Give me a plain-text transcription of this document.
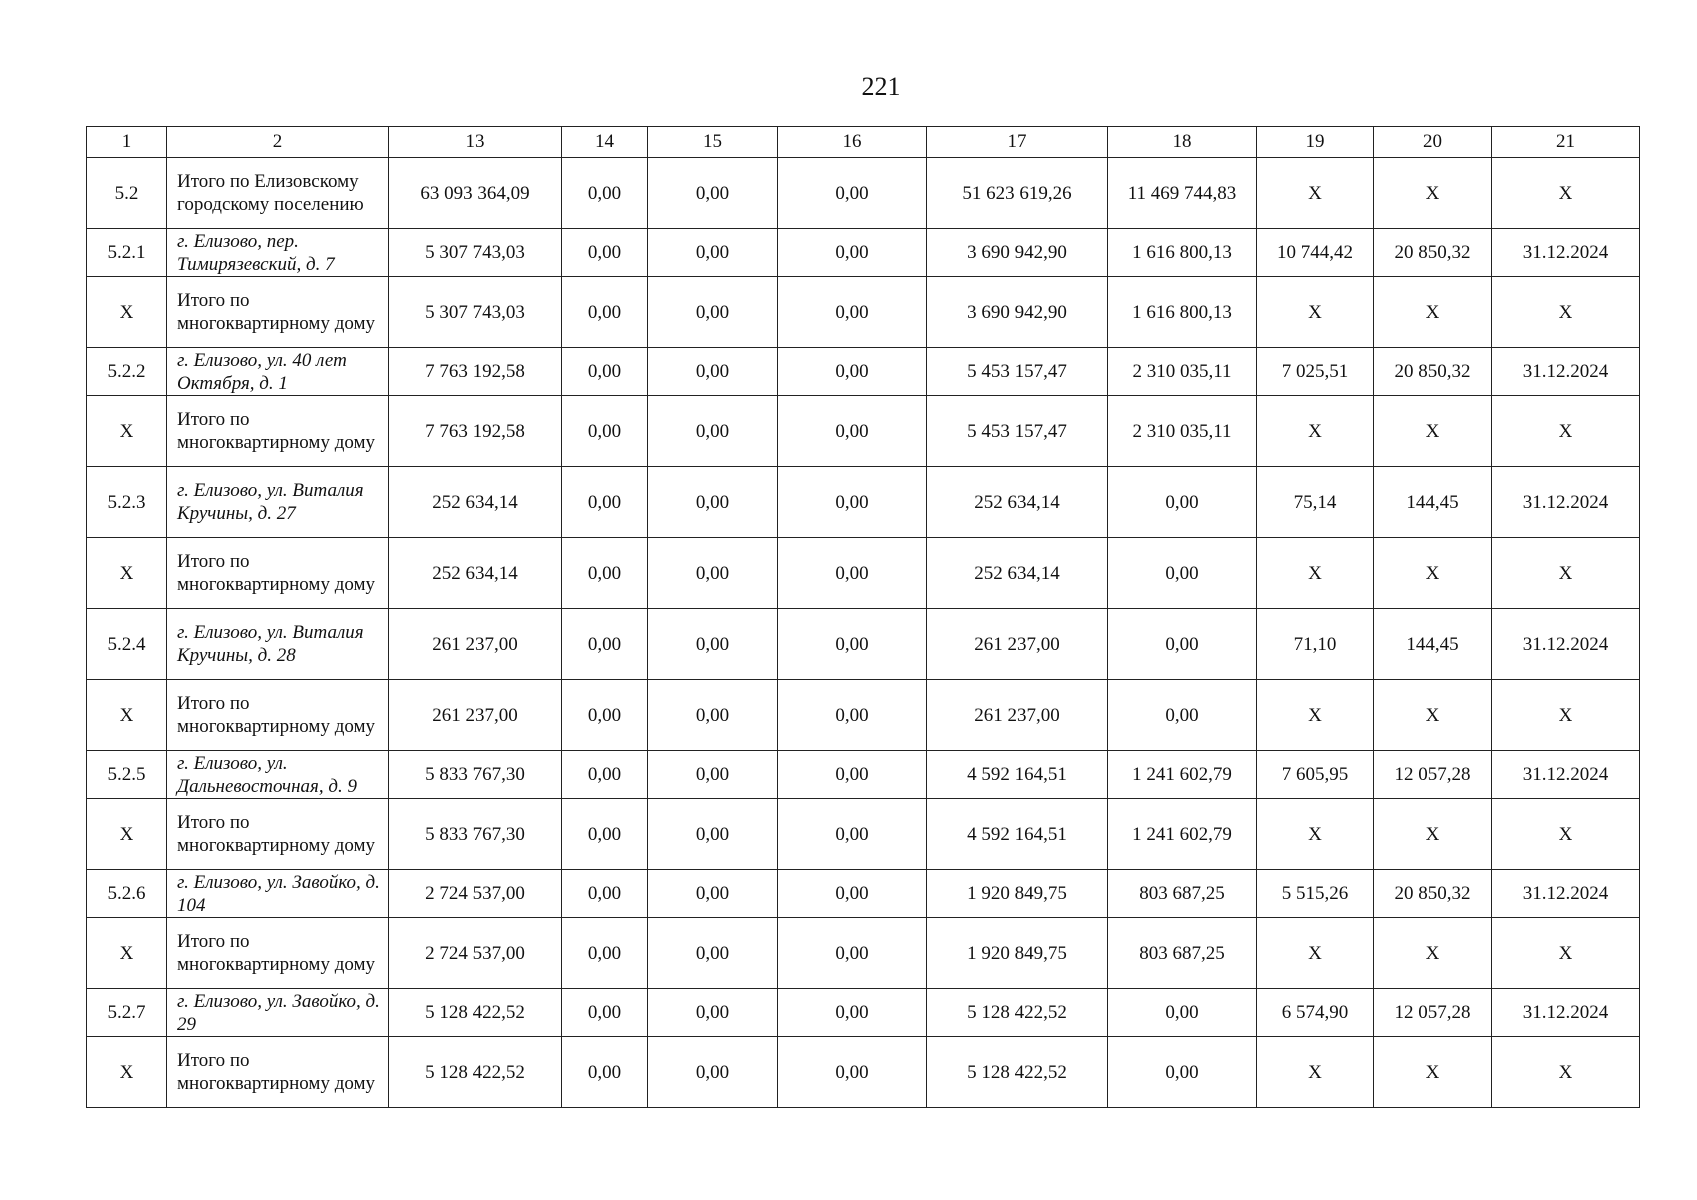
221
1	2	13	14	15	16	17	18	19	20	21
5.2	Итого по Елизовскому городскому поселению	63 093 364,09	0,00	0,00	0,00	51 623 619,26	11 469 744,83	X	X	X
5.2.1	г. Елизово, пер. Тимирязевский, д. 7	5 307 743,03	0,00	0,00	0,00	3 690 942,90	1 616 800,13	10 744,42	20 850,32	31.12.2024
X	Итого по многоквартирному дому	5 307 743,03	0,00	0,00	0,00	3 690 942,90	1 616 800,13	X	X	X
5.2.2	г. Елизово, ул. 40 лет Октября, д. 1	7 763 192,58	0,00	0,00	0,00	5 453 157,47	2 310 035,11	7 025,51	20 850,32	31.12.2024
X	Итого по многоквартирному дому	7 763 192,58	0,00	0,00	0,00	5 453 157,47	2 310 035,11	X	X	X
5.2.3	г. Елизово, ул. Виталия Кручины, д. 27	252 634,14	0,00	0,00	0,00	252 634,14	0,00	75,14	144,45	31.12.2024
X	Итого по многоквартирному дому	252 634,14	0,00	0,00	0,00	252 634,14	0,00	X	X	X
5.2.4	г. Елизово, ул. Виталия Кручины, д. 28	261 237,00	0,00	0,00	0,00	261 237,00	0,00	71,10	144,45	31.12.2024
X	Итого по многоквартирному дому	261 237,00	0,00	0,00	0,00	261 237,00	0,00	X	X	X
5.2.5	г. Елизово, ул. Дальневосточная, д. 9	5 833 767,30	0,00	0,00	0,00	4 592 164,51	1 241 602,79	7 605,95	12 057,28	31.12.2024
X	Итого по многоквартирному дому	5 833 767,30	0,00	0,00	0,00	4 592 164,51	1 241 602,79	X	X	X
5.2.6	г. Елизово, ул. Завойко, д. 104	2 724 537,00	0,00	0,00	0,00	1 920 849,75	803 687,25	5 515,26	20 850,32	31.12.2024
X	Итого по многоквартирному дому	2 724 537,00	0,00	0,00	0,00	1 920 849,75	803 687,25	X	X	X
5.2.7	г. Елизово, ул. Завойко, д. 29	5 128 422,52	0,00	0,00	0,00	5 128 422,52	0,00	6 574,90	12 057,28	31.12.2024
X	Итого по многоквартирному дому	5 128 422,52	0,00	0,00	0,00	5 128 422,52	0,00	X	X	X
